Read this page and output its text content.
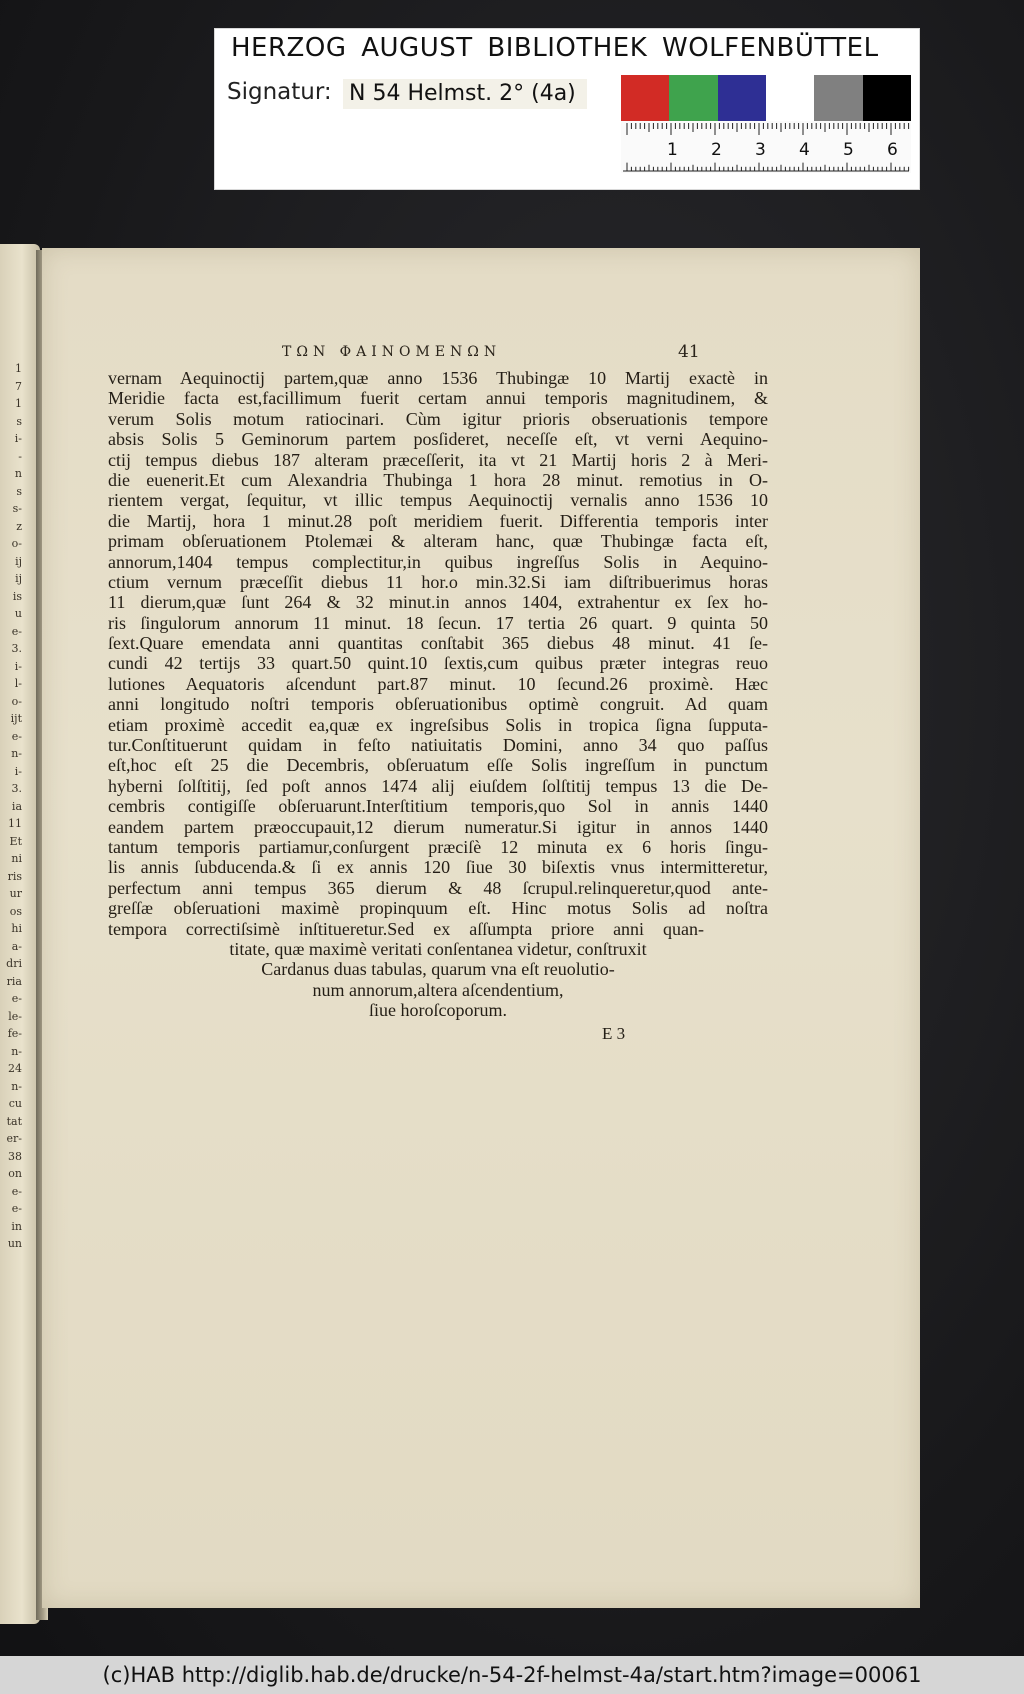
HERZOG AUGUST BIBLIOTHEK WOLFENBÜTTEL
Signatur: N 54 Helmst. 2° (4a)
1 2 3 4 5 6
1
7
1
s
i-
-
n
s
s-
z
o-
ij
ij
is
u
e-
3.
i-
l-
o-
ijt
e-
n-
i-
3.
ia
11
Et
ni
ris
ur
os
hi
a-
dri
ria
e-
le-
fe-
n-
24
n-
cu
tat
er-
38
on
e-
e-
in
un
ΤΩΝ ΦΑΙΝΟΜΕΝΩΝ	41
vernam Aequinoctij partem,quæ anno 1536 Thubingæ 10 Martij exactè in
Meridie facta est,facillimum fuerit certam annui temporis magnitudinem, &
verum Solis motum ratiocinari. Cùm igitur prioris obseruationis tempore
absis Solis 5 Geminorum partem posſideret, neceſſe eſt, vt verni Aequino-
ctij tempus diebus 187 alteram præceſſerit, ita vt 21 Martij horis 2 à Meri-
die euenerit.Et cum Alexandria Thubinga 1 hora 28 minut. remotius in O-
rientem vergat, ſequitur, vt illic tempus Aequinoctij vernalis anno 1536 10
die Martij, hora 1 minut.28 poſt meridiem fuerit. Differentia temporis inter
primam obſeruationem Ptolemæi & alteram hanc, quæ Thubingæ facta eſt,
annorum,1404 tempus complectitur,in quibus ingreſſus Solis in Aequino-
ctium vernum præceſſit diebus 11 hor.o min.32.Si iam diſtribuerimus horas
11 dierum,quæ ſunt 264 & 32 minut.in annos 1404, extrahentur ex ſex ho-
ris ſingulorum annorum 11 minut. 18 ſecun. 17 tertia 26 quart. 9 quinta 50
ſext.Quare emendata anni quantitas conſtabit 365 diebus 48 minut. 41 ſe-
cundi 42 tertijs 33 quart.50 quint.10 ſextis,cum quibus præter integras reuo
lutiones Aequatoris aſcendunt part.87 minut. 10 ſecund.26 proximè. Hæc
anni longitudo noſtri temporis obſeruationibus optimè congruit. Ad quam
etiam proximè accedit ea,quæ ex ingreſsibus Solis in tropica ſigna ſupputa-
tur.Conſtituerunt quidam in feſto natiuitatis Domini, anno 34 quo paſſus
eſt,hoc eſt 25 die Decembris, obſeruatum eſſe Solis ingreſſum in punctum
hyberni ſolſtitij, ſed poſt annos 1474 alij eiuſdem ſolſtitij tempus 13 die De-
cembris contigiſſe obſeruarunt.Interſtitium temporis,quo Sol in annis 1440
eandem partem præoccupauit,12 dierum numeratur.Si igitur in annos 1440
tantum temporis partiamur,conſurgent præciſè 12 minuta ex 6 horis ſingu-
lis annis ſubducenda.& ſi ex annis 120 ſiue 30 biſextis vnus intermitteretur,
perfectum anni tempus 365 dierum & 48 ſcrupul.relinqueretur,quod ante-
greſſæ obſeruationi maximè propinquum eſt. Hinc motus Solis ad noſtra
tempora correctiſsimè inſtitueretur.Sed ex aſſumpta priore anni quan-
titate, quæ maximè veritati conſentanea videtur, conſtruxit
Cardanus duas tabulas, quarum vna eſt reuolutio-
num annorum,altera aſcendentium,
ſiue horoſcoporum.
E 3
(c)HAB http://diglib.hab.de/drucke/n-54-2f-helmst-4a/start.htm?image=00061
